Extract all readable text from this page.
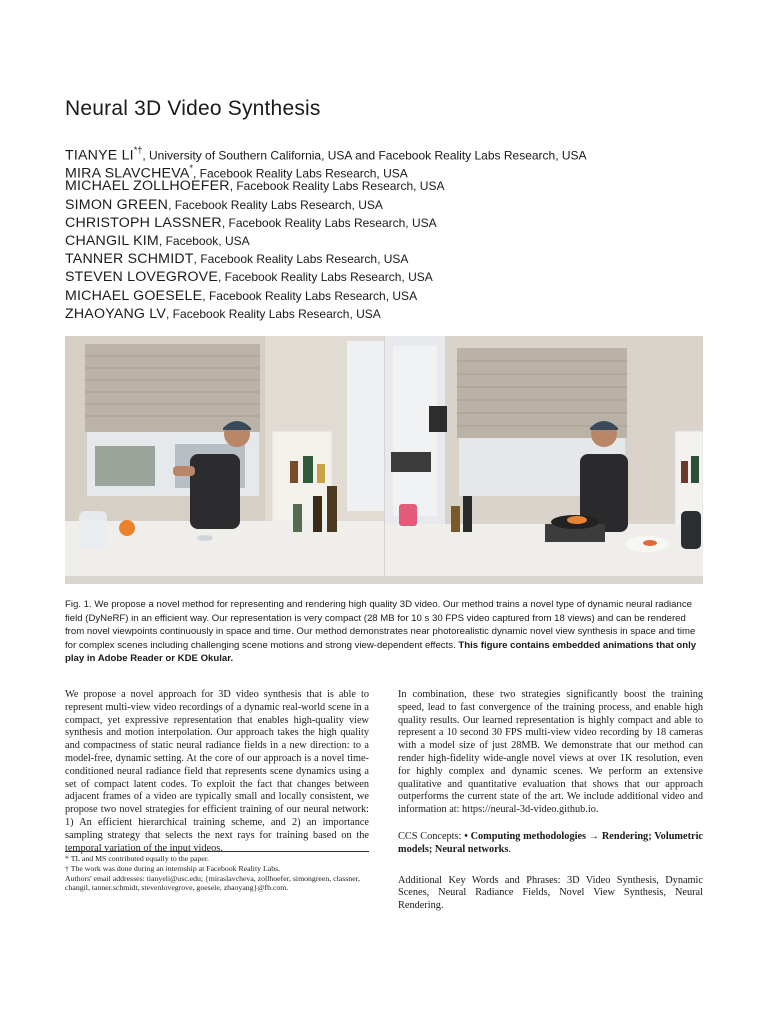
Neural 3D Video Synthesis
TIANYE LI*†, University of Southern California, USA and Facebook Reality Labs Research, USA
MIRA SLAVCHEVA*, Facebook Reality Labs Research, USA
MICHAEL ZOLLHOEFER, Facebook Reality Labs Research, USA
SIMON GREEN, Facebook Reality Labs Research, USA
CHRISTOPH LASSNER, Facebook Reality Labs Research, USA
CHANGIL KIM, Facebook, USA
TANNER SCHMIDT, Facebook Reality Labs Research, USA
STEVEN LOVEGROVE, Facebook Reality Labs Research, USA
MICHAEL GOESELE, Facebook Reality Labs Research, USA
ZHAOYANG LV, Facebook Reality Labs Research, USA
Fig. 1. We propose a novel method for representing and rendering high quality 3D video. Our method trains a novel type of dynamic neural radiance field (DyNeRF) in an efficient way. Our representation is very compact (28 MB for 10 s 30 FPS video captured from 18 views) and can be rendered from novel viewpoints continuously in space and time. Our method demonstrates near photorealistic dynamic novel view synthesis in space and time for complex scenes including challenging scene motions and strong view-dependent effects. This figure contains embedded animations that only play in Adobe Reader or KDE Okular.

We propose a novel approach for 3D video synthesis that is able to represent multi-view video recordings of a dynamic real-world scene in a compact, yet expressive representation that enables high-quality view synthesis and motion interpolation. Our approach takes the high quality and compactness of static neural radiance fields in a new direction: to a model-free, dynamic setting. At the core of our approach is a novel time-conditioned neural radiance field that represents scene dynamics using a set of compact latent codes. To exploit the fact that changes between adjacent frames of a video are typically small and locally consistent, we propose two novel strategies for efficient training of our neural network: 1) An efficient hierarchical training scheme, and 2) an importance sampling strategy that selects the next rays for training based on the temporal variation of the input videos.

* TL and MS contributed equally to the paper.
† The work was done during an internship at Facebook Reality Labs.
Authors' email addresses: tianyeli@usc.edu; {miraslavcheva, zollhoefer, simongreen, classner, changil, tanner.schmidt, stevenlovegrove, goesele, zhaoyang}@fb.com.

In combination, these two strategies significantly boost the training speed, lead to fast convergence of the training process, and enable high quality results. Our learned representation is highly compact and able to represent a 10 second 30 FPS multi-view video recording by 18 cameras with a model size of just 28MB. We demonstrate that our method can render high-fidelity wide-angle novel views at over 1K resolution, even for highly complex and dynamic scenes. We perform an extensive qualitative and quantitative evaluation that shows that our approach outperforms the current state of the art. We include additional video and information at: https://neural-3d-video.github.io.

CCS Concepts: • Computing methodologies → Rendering; Volumetric models; Neural networks.

Additional Key Words and Phrases: 3D Video Synthesis, Dynamic Scenes, Neural Radiance Fields, Novel View Synthesis, Neural Rendering.
